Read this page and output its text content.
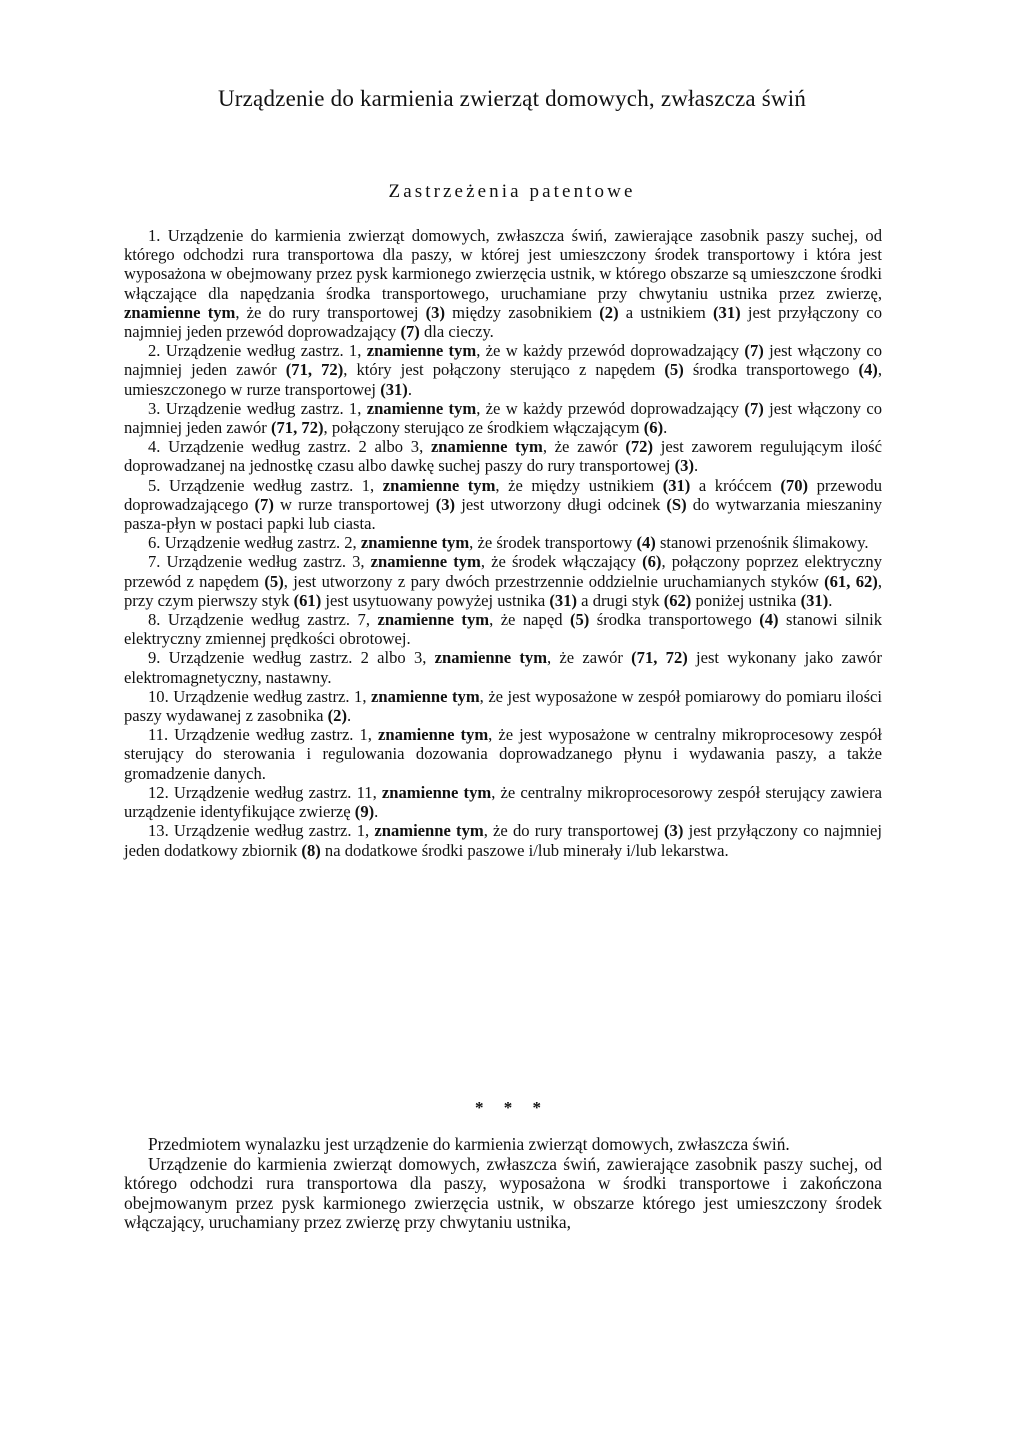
Urządzenie do karmienia zwierząt domowych, zwłaszcza świń
Zastrzeżenia patentowe

1. Urządzenie do karmienia zwierząt domowych, zwłaszcza świń, zawierające zasobnik paszy suchej, od którego odchodzi rura transportowa dla paszy, w której jest umieszczony środek transportowy i która jest wyposażona w obejmowany przez pysk karmionego zwierzęcia ustnik, w którego obszarze są umieszczone środki włączające dla napędzania środka transportowego, uruchamiane przy chwytaniu ustnika przez zwierzę, znamienne tym, że do rury transportowej (3) między zasobnikiem (2) a ustnikiem (31) jest przyłączony co najmniej jeden przewód doprowadzający (7) dla cieczy.

2. Urządzenie według zastrz. 1, znamienne tym, że w każdy przewód doprowadzający (7) jest włączony co najmniej jeden zawór (71, 72), który jest połączony sterująco z napędem (5) środka transportowego (4), umieszczonego w rurze transportowej (31).

3. Urządzenie według zastrz. 1, znamienne tym, że w każdy przewód doprowadzający (7) jest włączony co najmniej jeden zawór (71, 72), połączony sterująco ze środkiem włączającym (6).

4. Urządzenie według zastrz. 2 albo 3, znamienne tym, że zawór (72) jest zaworem regulującym ilość doprowadzanej na jednostkę czasu albo dawkę suchej paszy do rury transportowej (3).

5. Urządzenie według zastrz. 1, znamienne tym, że między ustnikiem (31) a króćcem (70) przewodu doprowadzającego (7) w rurze transportowej (3) jest utworzony długi odcinek (S) do wytwarzania mieszaniny pasza-płyn w postaci papki lub ciasta.

6. Urządzenie według zastrz. 2, znamienne tym, że środek transportowy (4) stanowi przenośnik ślimakowy.

7. Urządzenie według zastrz. 3, znamienne tym, że środek włączający (6), połączony poprzez elektryczny przewód z napędem (5), jest utworzony z pary dwóch przestrzennie oddzielnie uruchamianych styków (61, 62), przy czym pierwszy styk (61) jest usytuowany powyżej ustnika (31) a drugi styk (62) poniżej ustnika (31).

8. Urządzenie według zastrz. 7, znamienne tym, że napęd (5) środka transportowego (4) stanowi silnik elektryczny zmiennej prędkości obrotowej.

9. Urządzenie według zastrz. 2 albo 3, znamienne tym, że zawór (71, 72) jest wykonany jako zawór elektromagnetyczny, nastawny.

10. Urządzenie według zastrz. 1, znamienne tym, że jest wyposażone w zespół pomiarowy do pomiaru ilości paszy wydawanej z zasobnika (2).

11. Urządzenie według zastrz. 1, znamienne tym, że jest wyposażone w centralny mikroprocesowy zespół sterujący do sterowania i regulowania dozowania doprowadzanego płynu i wydawania paszy, a także gromadzenie danych.

12. Urządzenie według zastrz. 11, znamienne tym, że centralny mikroprocesorowy zespół sterujący zawiera urządzenie identyfikujące zwierzę (9).

13. Urządzenie według zastrz. 1, znamienne tym, że do rury transportowej (3) jest przyłączony co najmniej jeden dodatkowy zbiornik (8) na dodatkowe środki paszowe i/lub minerały i/lub lekarstwa.

* * *

Przedmiotem wynalazku jest urządzenie do karmienia zwierząt domowych, zwłaszcza świń.

Urządzenie do karmienia zwierząt domowych, zwłaszcza świń, zawierające zasobnik paszy suchej, od którego odchodzi rura transportowa dla paszy, wyposażona w środki transportowe i zakończona obejmowanym przez pysk karmionego zwierzęcia ustnik, w obszarze którego jest umieszczony środek włączający, uruchamiany przez zwierzę przy chwytaniu ustnika,
